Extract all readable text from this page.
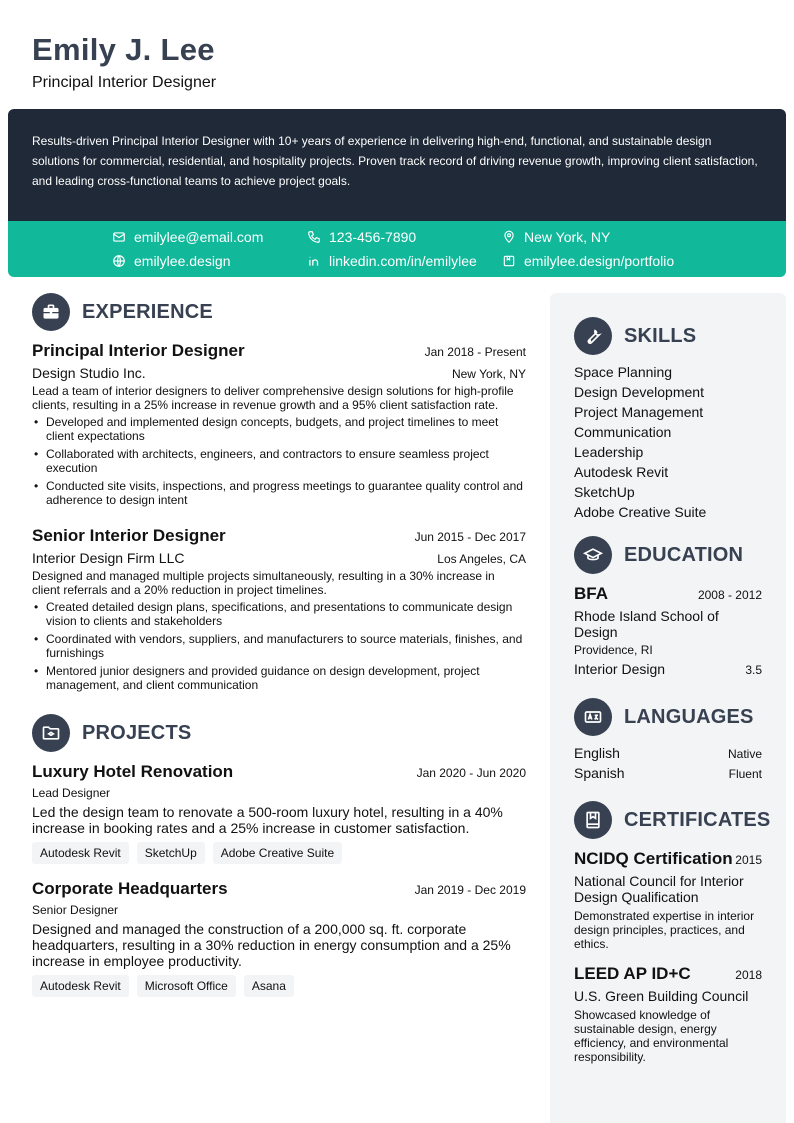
Emily J. Lee
Principal Interior Designer

Results-driven Principal Interior Designer with 10+ years of experience in delivering high-end, functional, and sustainable design solutions for commercial, residential, and hospitality projects. Proven track record of driving revenue growth, improving client satisfaction, and leading cross-functional teams to achieve project goals.

emilylee@email.com	123-456-7890	New York, NY
emilylee.design	linkedin.com/in/emilylee	emilylee.design/portfolio
EXPERIENCE
Principal Interior Designer	Jan 2018 - Present
Design Studio Inc.	New York, NY
Lead a team of interior designers to deliver comprehensive design solutions for high-profile clients, resulting in a 25% increase in revenue growth and a 95% client satisfaction rate.
• Developed and implemented design concepts, budgets, and project timelines to meet client expectations
• Collaborated with architects, engineers, and contractors to ensure seamless project execution
• Conducted site visits, inspections, and progress meetings to guarantee quality control and adherence to design intent
Senior Interior Designer	Jun 2015 - Dec 2017
Interior Design Firm LLC	Los Angeles, CA
Designed and managed multiple projects simultaneously, resulting in a 30% increase in client referrals and a 20% reduction in project timelines.
• Created detailed design plans, specifications, and presentations to communicate design vision to clients and stakeholders
• Coordinated with vendors, suppliers, and manufacturers to source materials, finishes, and furnishings
• Mentored junior designers and provided guidance on design development, project management, and client communication
PROJECTS
Luxury Hotel Renovation	Jan 2020 - Jun 2020
Lead Designer
Led the design team to renovate a 500-room luxury hotel, resulting in a 40% increase in booking rates and a 25% increase in customer satisfaction.
Autodesk Revit	SketchUp	Adobe Creative Suite
Corporate Headquarters	Jan 2019 - Dec 2019
Senior Designer
Designed and managed the construction of a 200,000 sq. ft. corporate headquarters, resulting in a 30% reduction in energy consumption and a 25% increase in employee productivity.
Autodesk Revit	Microsoft Office	Asana
SKILLS
Space Planning
Design Development
Project Management
Communication
Leadership
Autodesk Revit
SketchUp
Adobe Creative Suite
EDUCATION
BFA	2008 - 2012
Rhode Island School of Design
Providence, RI
Interior Design	3.5
LANGUAGES
English	Native
Spanish	Fluent
CERTIFICATES
NCIDQ Certification 2015
National Council for Interior Design Qualification
Demonstrated expertise in interior design principles, practices, and ethics.
LEED AP ID+C	2018
U.S. Green Building Council
Showcased knowledge of sustainable design, energy efficiency, and environmental responsibility.
